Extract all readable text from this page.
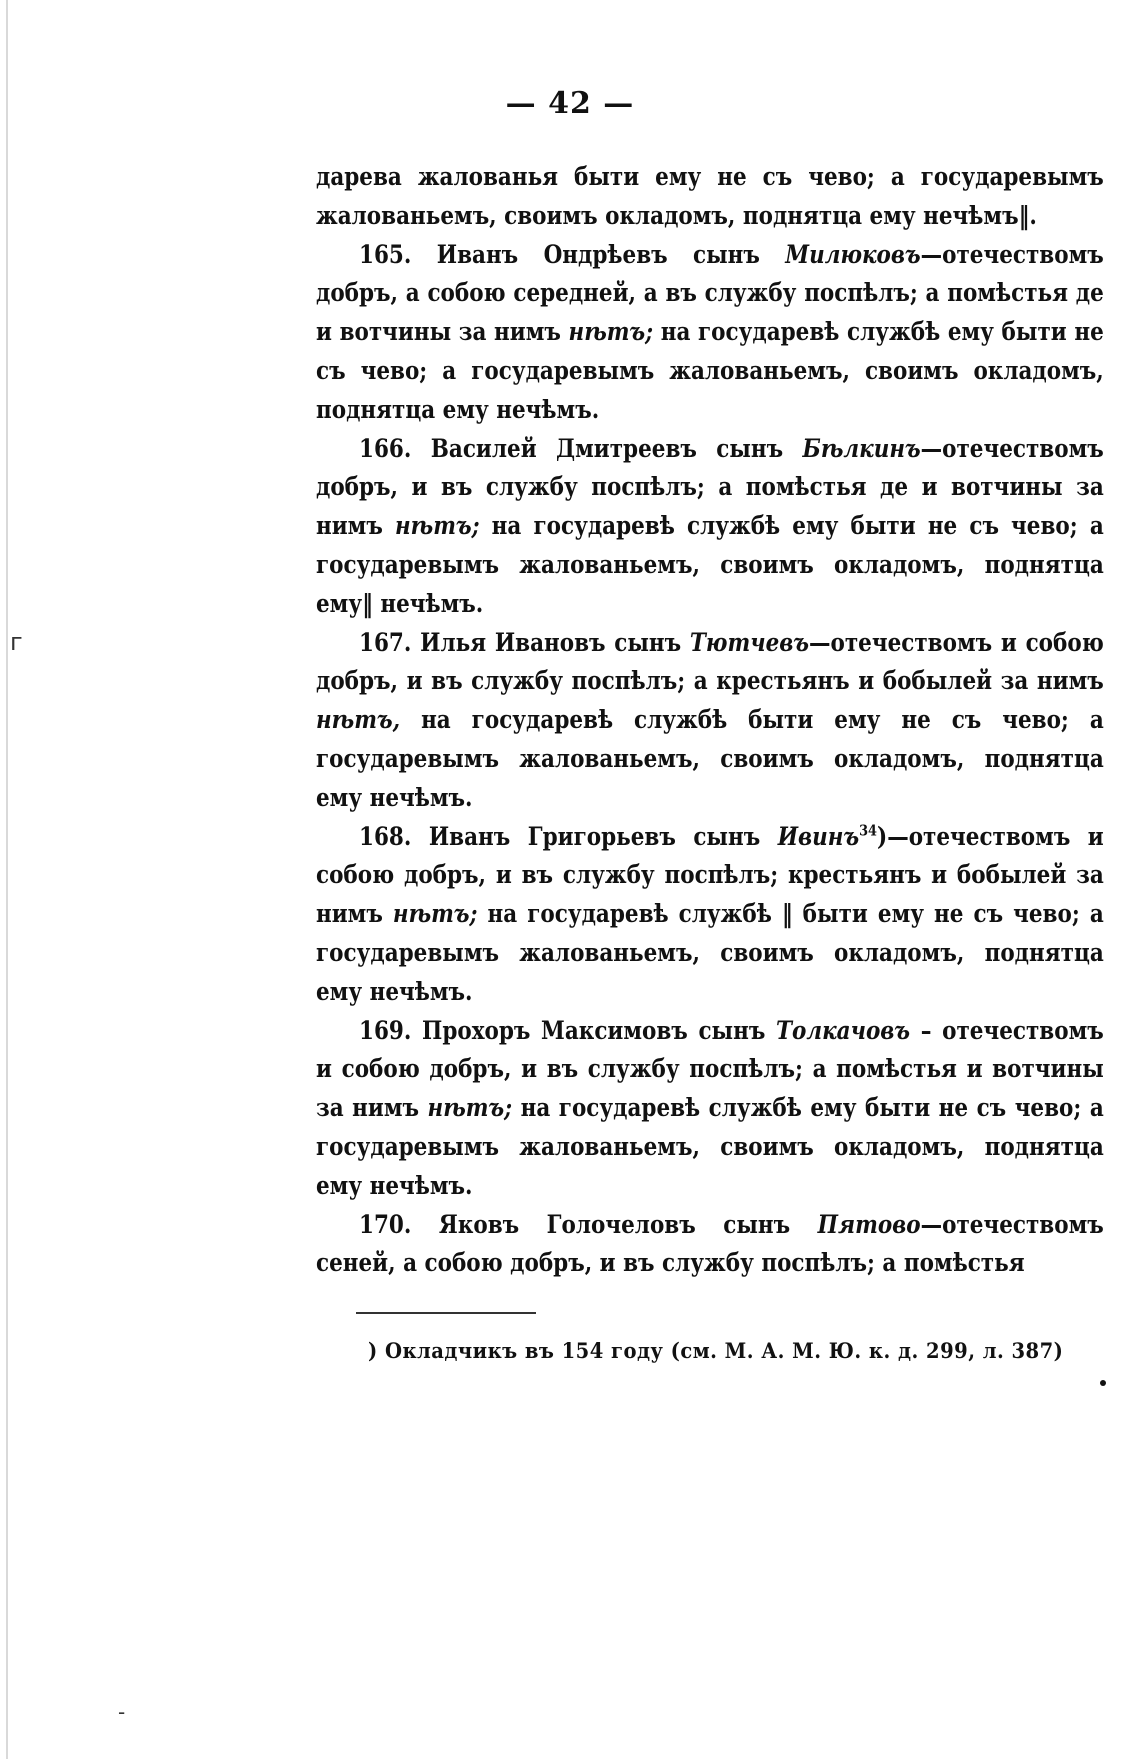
г
-
— 42 —

дарева жалованья быти ему не съ чево; а государевымъ жалованьемъ, своимъ окладомъ, поднятца ему нечѣмъ‖.

165. Иванъ Ондрѣевъ сынъ Милюковъ—отечествомъ добръ, а собою середней, а въ службу поспѣлъ; а помѣстья де и вотчины за нимъ нѣтъ; на государевѣ службѣ ему быти не съ чево; а государевымъ жалованьемъ, своимъ окладомъ, поднятца ему нечѣмъ.

166. Василей Дмитреевъ сынъ Бѣлкинъ—отечествомъ добръ, и въ службу поспѣлъ; а помѣстья де и вотчины за нимъ нѣтъ; на государевѣ службѣ ему быти не съ чево; а государевымъ жалованьемъ, своимъ окладомъ, поднятца ему‖ нечѣмъ.

167. Илья Ивановъ сынъ Тютчевъ—отечествомъ и собою добръ, и въ службу поспѣлъ; а крестьянъ и бобылей за нимъ нѣтъ, на государевѣ службѣ быти ему не съ чево; а государевымъ жалованьемъ, своимъ окладомъ, поднятца ему нечѣмъ.

168. Иванъ Григорьевъ сынъ Ивинъ$^{34}$)—отечествомъ и собою добръ, и въ службу поспѣлъ; крестьянъ и бобылей за нимъ нѣтъ; на государевѣ службѣ ‖ быти ему не съ чево; а государевымъ жалованьемъ, своимъ окладомъ, поднятца ему нечѣмъ.

169. Прохоръ Максимовъ сынъ Толкачовъ – отечествомъ и собою добръ, и въ службу поспѣлъ; а помѣстья и вотчины за нимъ нѣтъ; на государевѣ службѣ ему быти не съ чево; а государевымъ жалованьемъ, своимъ окладомъ, поднятца ему нечѣмъ.

170. Яковъ Голочеловъ сынъ Пятово—отечествомъ сеней, а собою добръ, и въ службу поспѣлъ; а помѣстья

) Окладчикъ въ 154 году (см. М. А. М. Ю. к. д. 299, л. 387)
